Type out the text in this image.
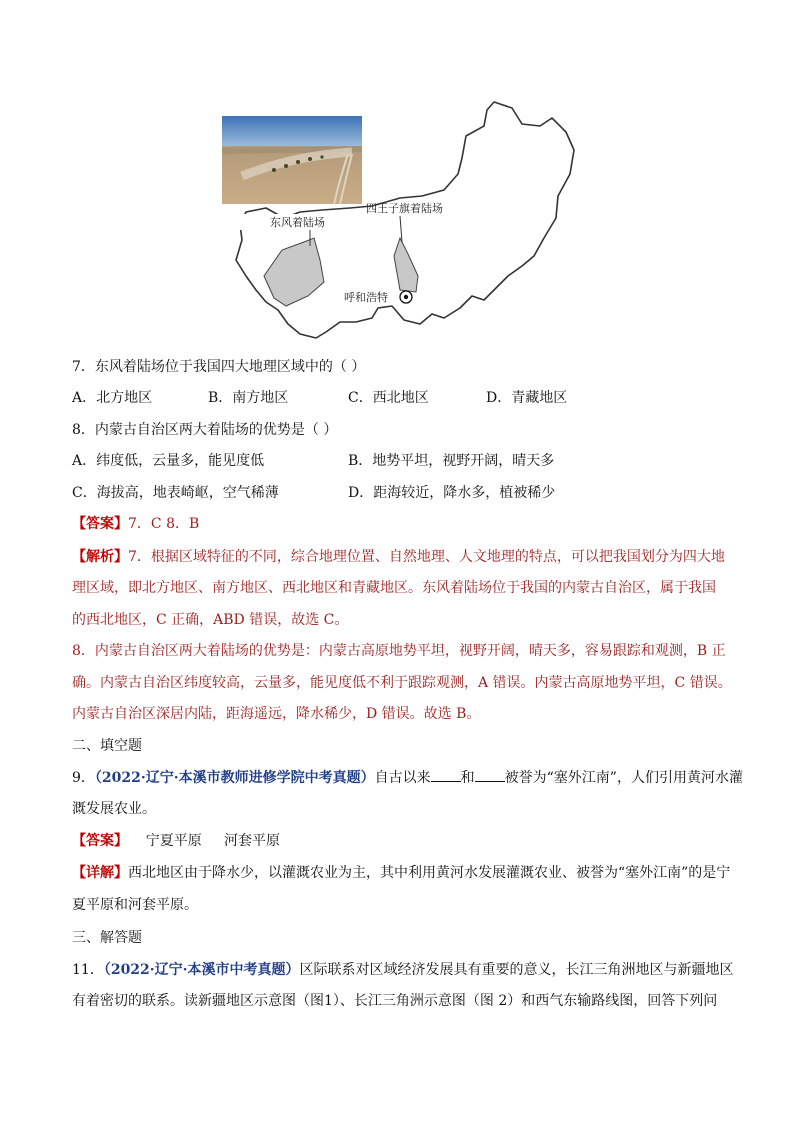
东风着陆场
四王子旗着陆场
呼和浩特
7．东风着陆场位于我国四大地理区域中的（ ）
A．北方地区	B．南方地区	C．西北地区	D．青藏地区
8．内蒙古自治区两大着陆场的优势是（ ）
A．纬度低，云量多，能见度低	B．地势平坦，视野开阔，晴天多
C．海拔高，地表崎岖，空气稀薄	D．距海较近，降水多，植被稀少
【答案】7．C 8．B
【解析】7．根据区域特征的不同，综合地理位置、自然地理、人文地理的特点，可以把我国划分为四大地
理区域，即北方地区、南方地区、西北地区和青藏地区。东风着陆场位于我国的内蒙古自治区，属于我国
的西北地区，C 正确，ABD 错误，故选 C。
8．内蒙古自治区两大着陆场的优势是：内蒙古高原地势平坦，视野开阔，晴天多，容易跟踪和观测，B 正
确。内蒙古自治区纬度较高，云量多，能见度低不利于跟踪观测，A 错误。内蒙古高原地势平坦，C 错误。
内蒙古自治区深居内陆，距海遥远，降水稀少，D 错误。故选 B。
二、填空题
9．（2022·辽宁·本溪市教师进修学院中考真题）自古以来 和 被誉为“塞外江南”，人们引用黄河水灌
溉发展农业。
【答案】    宁夏平原     河套平原
【详解】西北地区由于降水少，以灌溉农业为主，其中利用黄河水发展灌溉农业、被誉为“塞外江南”的是宁
夏平原和河套平原。
三、解答题
11．（2022·辽宁·本溪市中考真题）区际联系对区域经济发展具有重要的意义，长江三角洲地区与新疆地区
有着密切的联系。读新疆地区示意图（图1）、长江三角洲示意图（图 2）和西气东输路线图，回答下列问
